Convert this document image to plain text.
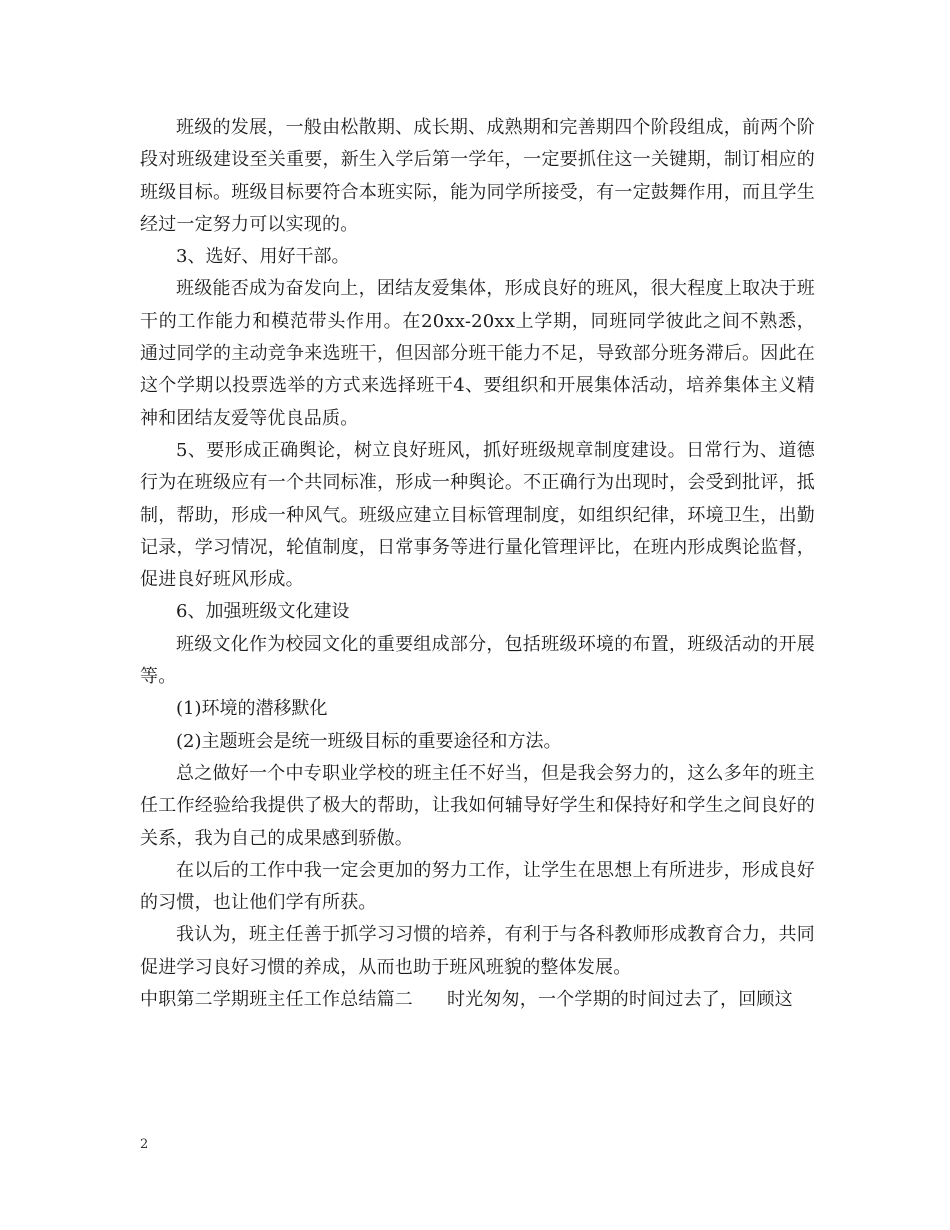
班级的发展，一般由松散期、成长期、成熟期和完善期四个阶段组成，前两个阶段对班级建设至关重要，新生入学后第一学年，一定要抓住这一关键期，制订相应的班级目标。班级目标要符合本班实际，能为同学所接受，有一定鼓舞作用，而且学生经过一定努力可以实现的。

3、选好、用好干部。

班级能否成为奋发向上，团结友爱集体，形成良好的班风，很大程度上取决于班干的工作能力和模范带头作用。在20xx-20xx上学期，同班同学彼此之间不熟悉，通过同学的主动竞争来选班干，但因部分班干能力不足，导致部分班务滞后。因此在这个学期以投票选举的方式来选择班干4、要组织和开展集体活动，培养集体主义精神和团结友爱等优良品质。

5、要形成正确舆论，树立良好班风，抓好班级规章制度建设。日常行为、道德行为在班级应有一个共同标准，形成一种舆论。不正确行为出现时，会受到批评，抵制，帮助，形成一种风气。班级应建立目标管理制度，如组织纪律，环境卫生，出勤记录，学习情况，轮值制度，日常事务等进行量化管理评比，在班内形成舆论监督，促进良好班风形成。

6、加强班级文化建设

班级文化作为校园文化的重要组成部分，包括班级环境的布置，班级活动的开展等。

(1)环境的潜移默化

(2)主题班会是统一班级目标的重要途径和方法。

总之做好一个中专职业学校的班主任不好当，但是我会努力的，这么多年的班主任工作经验给我提供了极大的帮助，让我如何辅导好学生和保持好和学生之间良好的关系，我为自己的成果感到骄傲。

在以后的工作中我一定会更加的努力工作，让学生在思想上有所进步，形成良好的习惯，也让他们学有所获。

我认为，班主任善于抓学习习惯的培养，有利于与各科教师形成教育合力，共同促进学习良好习惯的养成，从而也助于班风班貌的整体发展。

中职第二学期班主任工作总结篇二 时光匆匆，一个学期的时间过去了，回顾这

2
